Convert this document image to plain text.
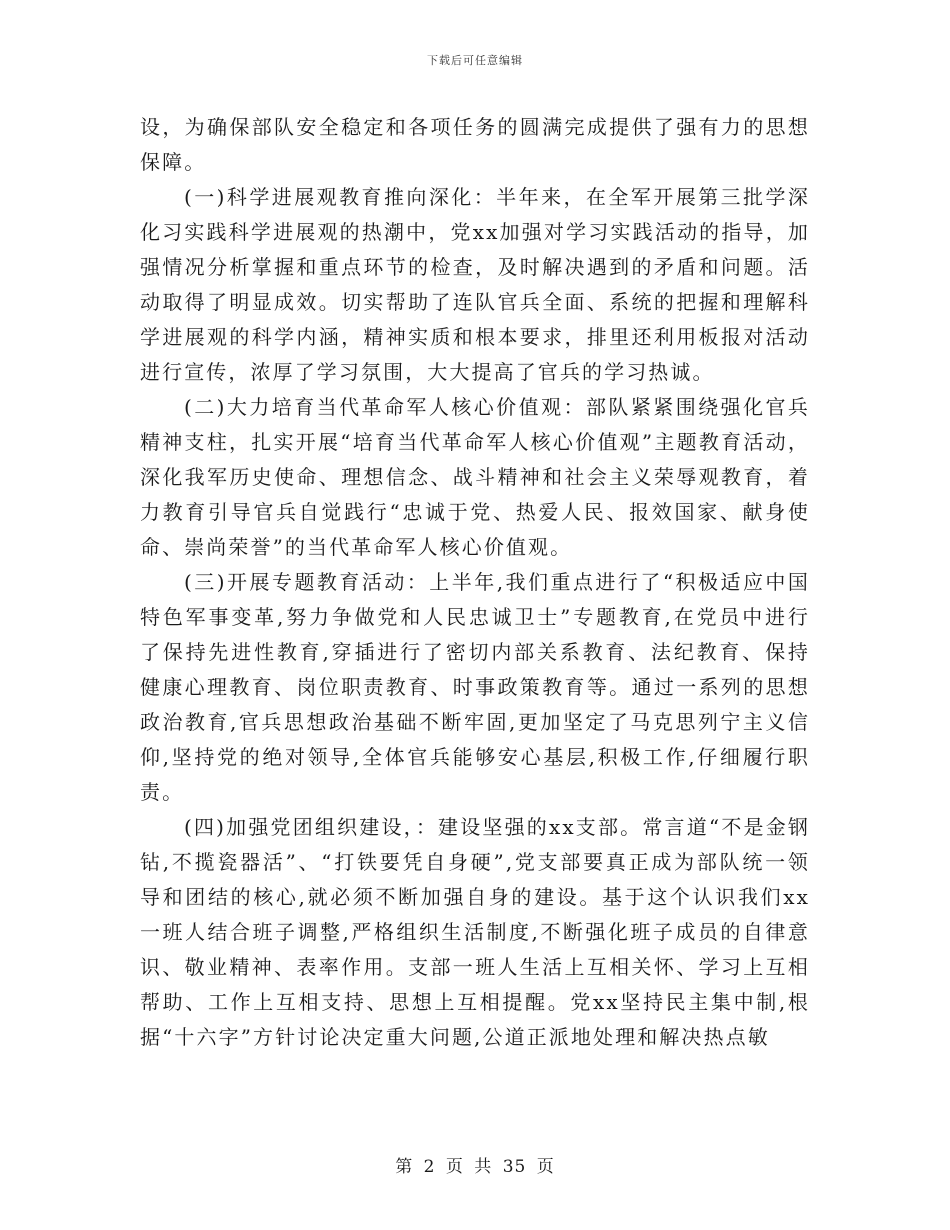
下载后可任意编辑

设，为确保部队安全稳定和各项任务的圆满完成提供了强有力的思想保障。

(一)科学进展观教育推向深化：半年来，在全军开展第三批学深化习实践科学进展观的热潮中，党xx加强对学习实践活动的指导，加强情况分析掌握和重点环节的检查，及时解决遇到的矛盾和问题。活动取得了明显成效。切实帮助了连队官兵全面、系统的把握和理解科学进展观的科学内涵，精神实质和根本要求，排里还利用板报对活动进行宣传，浓厚了学习氛围，大大提高了官兵的学习热诚。

(二)大力培育当代革命军人核心价值观：部队紧紧围绕强化官兵精神支柱，扎实开展“培育当代革命军人核心价值观”主题教育活动，深化我军历史使命、理想信念、战斗精神和社会主义荣辱观教育，着力教育引导官兵自觉践行“忠诚于党、热爱人民、报效国家、献身使命、崇尚荣誉”的当代革命军人核心价值观。

(三)开展专题教育活动：上半年,我们重点进行了“积极适应中国特色军事变革,努力争做党和人民忠诚卫士”专题教育,在党员中进行了保持先进性教育,穿插进行了密切内部关系教育、法纪教育、保持健康心理教育、岗位职责教育、时事政策教育等。通过一系列的思想政治教育,官兵思想政治基础不断牢固,更加坚定了马克思列宁主义信仰,坚持党的绝对领导,全体官兵能够安心基层,积极工作,仔细履行职责。

(四)加强党团组织建设，：建设坚强的xx支部。常言道“不是金钢钻,不揽瓷器活”、“打铁要凭自身硬”,党支部要真正成为部队统一领导和团结的核心,就必须不断加强自身的建设。基于这个认识我们xx一班人结合班子调整,严格组织生活制度,不断强化班子成员的自律意识、敬业精神、表率作用。支部一班人生活上互相关怀、学习上互相帮助、工作上互相支持、思想上互相提醒。党xx坚持民主集中制,根据“十六字”方针讨论决定重大问题,公道正派地处理和解决热点敏

第 2 页 共 35 页
